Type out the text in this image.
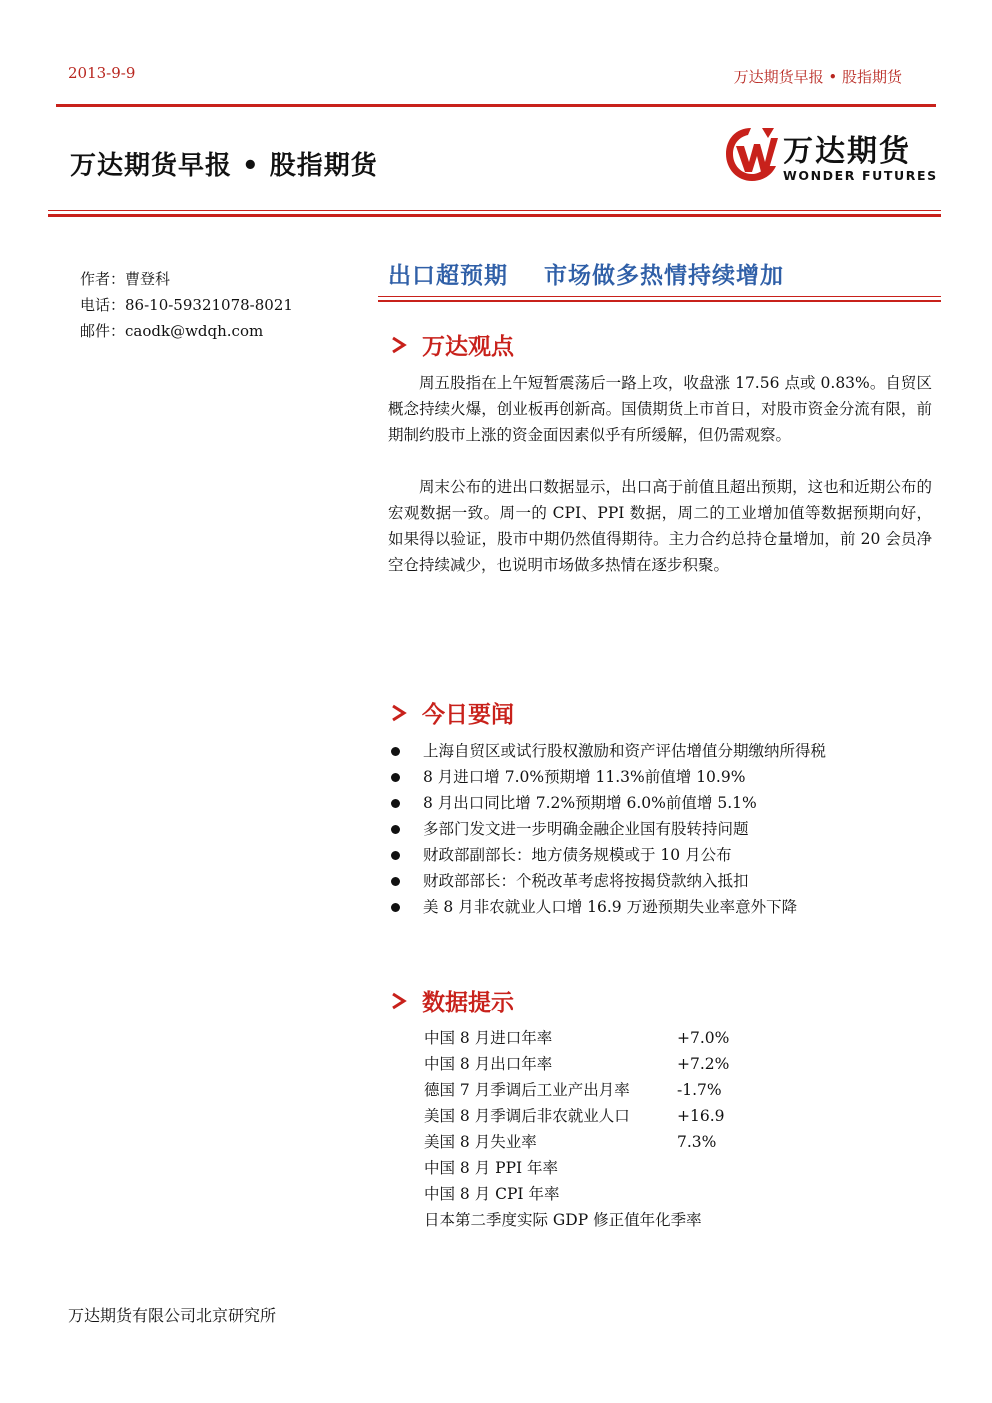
2013-9-9	万达期货早报 • 股指期货
万达期货早报 • 股指期货	万达期货
WONDER FUTURES
作者：曹登科
电话：86-10-59321078-8021
邮件：caodk@wdqh.com
出口超预期    市场做多热情持续增加
万达观点
周五股指在上午短暂震荡后一路上攻，收盘涨 17.56 点或 0.83%。自贸区概念持续火爆，创业板再创新高。国债期货上市首日，对股市资金分流有限，前期制约股市上涨的资金面因素似乎有所缓解，但仍需观察。
周末公布的进出口数据显示，出口高于前值且超出预期，这也和近期公布的宏观数据一致。周一的 CPI、PPI 数据，周二的工业增加值等数据预期向好，如果得以验证，股市中期仍然值得期待。主力合约总持仓量增加，前 20 会员净空仓持续减少，也说明市场做多热情在逐步积聚。
今日要闻
上海自贸区或试行股权激励和资产评估增值分期缴纳所得税
8 月进口增 7.0%预期增 11.3%前值增 10.9%
8 月出口同比增 7.2%预期增 6.0%前值增 5.1%
多部门发文进一步明确金融企业国有股转持问题
财政部副部长：地方债务规模或于 10 月公布
财政部部长：个税改革考虑将按揭贷款纳入抵扣
美 8 月非农就业人口增 16.9 万逊预期失业率意外下降
数据提示
中国 8 月进口年率	+7.0%
中国 8 月出口年率	+7.2%
德国 7 月季调后工业产出月率	-1.7%
美国 8 月季调后非农就业人口	+16.9
美国 8 月失业率	7.3%
中国 8 月 PPI 年率	
中国 8 月 CPI 年率	
日本第二季度实际 GDP 修正值年化季率	
万达期货有限公司北京研究所
